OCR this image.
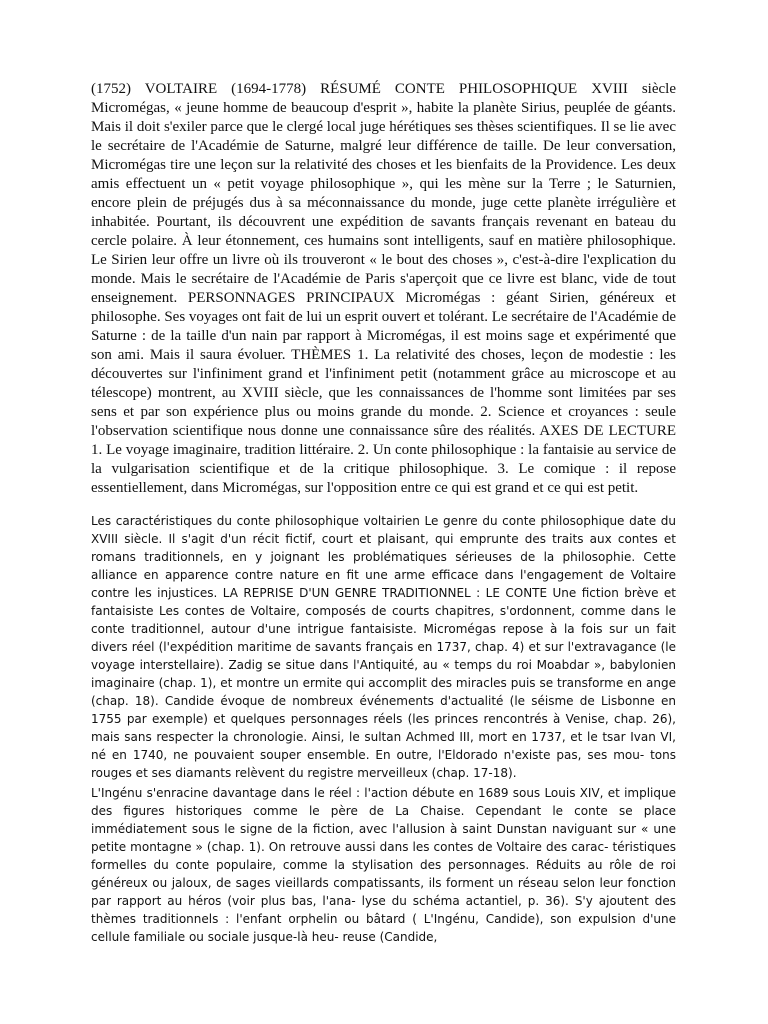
(1752) VOLTAIRE (1694-1778) RÉSUMÉ CONTE PHILOSOPHIQUE XVIII siècle Micromégas, « jeune homme de beaucoup d'esprit », habite la planète Sirius, peuplée de géants. Mais il doit s'exiler parce que le clergé local juge hérétiques ses thèses scientifiques. Il se lie avec le secrétaire de l'Académie de Saturne, malgré leur différence de taille. De leur conversation, Micromégas tire une leçon sur la relativité des choses et les bienfaits de la Providence. Les deux amis effectuent un « petit voyage philosophique », qui les mène sur la Terre ; le Saturnien, encore plein de préjugés dus à sa méconnaissance du monde, juge cette planète irrégulière et inhabitée. Pourtant, ils découvrent une expédition de savants français revenant en bateau du cercle polaire. À leur étonnement, ces humains sont intelligents, sauf en matière philosophique. Le Sirien leur offre un livre où ils trouveront « le bout des choses », c'est-à-dire l'explication du monde. Mais le secrétaire de l'Académie de Paris s'aperçoit que ce livre est blanc, vide de tout enseignement. PERSONNAGES PRINCIPAUX Micromégas : géant Sirien, généreux et philosophe. Ses voyages ont fait de lui un esprit ouvert et tolérant. Le secrétaire de l'Académie de Saturne : de la taille d'un nain par rapport à Micromégas, il est moins sage et expérimenté que son ami. Mais il saura évoluer. THÈMES 1. La relativité des choses, leçon de modestie : les découvertes sur l'infiniment grand et l'infiniment petit (notamment grâce au microscope et au télescope) montrent, au XVIII siècle, que les connaissances de l'homme sont limitées par ses sens et par son expérience plus ou moins grande du monde. 2. Science et croyances : seule l'observation scientifique nous donne une connaissance sûre des réalités. AXES DE LECTURE 1. Le voyage imaginaire, tradition littéraire. 2. Un conte philosophique : la fantaisie au service de la vulgarisation scientifique et de la critique philosophique. 3. Le comique : il repose essentiellement, dans Micromégas, sur l'opposition entre ce qui est grand et ce qui est petit.

Les caractéristiques du conte philosophique voltairien Le genre du conte philosophique date du XVIII siècle. Il s'agit d'un récit fictif, court et plaisant, qui emprunte des traits aux contes et romans traditionnels, en y joignant les problématiques sérieuses de la philosophie. Cette alliance en apparence contre nature en fit une arme efficace dans l'engagement de Voltaire contre les injustices. LA REPRISE D'UN GENRE TRADITIONNEL : LE CONTE Une fiction brève et fantaisiste Les contes de Voltaire, composés de courts chapitres, s'ordonnent, comme dans le conte traditionnel, autour d'une intrigue fantaisiste. Micromégas repose à la fois sur un fait divers réel (l'expédition maritime de savants français en 1737, chap. 4) et sur l'extravagance (le voyage interstellaire). Zadig se situe dans l'Antiquité, au « temps du roi Moabdar », babylonien imaginaire (chap. 1), et montre un ermite qui accomplit des miracles puis se transforme en ange (chap. 18). Candide évoque de nombreux événements d'actualité (le séisme de Lisbonne en 1755 par exemple) et quelques personnages réels (les princes rencontrés à Venise, chap. 26), mais sans respecter la chronologie. Ainsi, le sultan Achmed III, mort en 1737, et le tsar Ivan VI, né en 1740, ne pouvaient souper ensemble. En outre, l'Eldorado n'existe pas, ses mou- tons rouges et ses diamants relèvent du registre merveilleux (chap. 17-18).

L'Ingénu s'enracine davantage dans le réel : l'action débute en 1689 sous Louis XIV, et implique des figures historiques comme le père de La Chaise. Cependant le conte se place immédiatement sous le signe de la fiction, avec l'allusion à saint Dunstan naviguant sur « une petite montagne » (chap. 1). On retrouve aussi dans les contes de Voltaire des carac- téristiques formelles du conte populaire, comme la stylisation des personnages. Réduits au rôle de roi généreux ou jaloux, de sages vieillards compatissants, ils forment un réseau selon leur fonction par rapport au héros (voir plus bas, l'ana- lyse du schéma actantiel, p. 36). S'y ajoutent des thèmes traditionnels : l'enfant orphelin ou bâtard ( L'Ingénu, Candide), son expulsion d'une cellule familiale ou sociale jusque-là heu- reuse (Candide,
